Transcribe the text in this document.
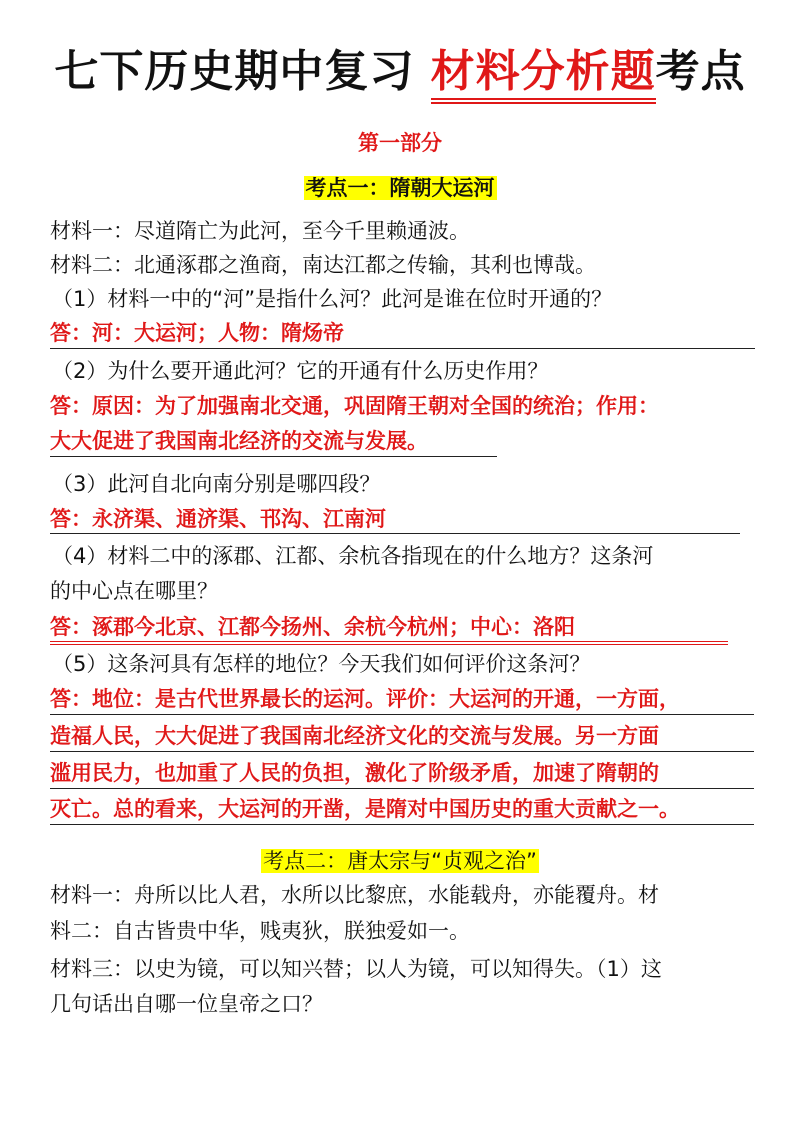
七下历史期中复习 材料分析题考点
第一部分
考点一：隋朝大运河
材料一：尽道隋亡为此河，至今千里赖通波。
材料二：北通涿郡之渔商，南达江都之传输，其利也博哉。
（1）材料一中的“河”是指什么河？此河是谁在位时开通的？
答：河：大运河；人物：隋炀帝
（2）为什么要开通此河？它的开通有什么历史作用？
答：原因：为了加强南北交通，巩固隋王朝对全国的统治；作用：
大大促进了我国南北经济的交流与发展。
（3）此河自北向南分别是哪四段？
答：永济渠、通济渠、邗沟、江南河
（4）材料二中的涿郡、江都、余杭各指现在的什么地方？这条河
的中心点在哪里？
答：涿郡今北京、江都今扬州、余杭今杭州；中心：洛阳
（5）这条河具有怎样的地位？今天我们如何评价这条河？
答：地位：是古代世界最长的运河。评价：大运河的开通，一方面，
造福人民，大大促进了我国南北经济文化的交流与发展。另一方面
滥用民力，也加重了人民的负担，激化了阶级矛盾，加速了隋朝的
灭亡。总的看来，大运河的开凿，是隋对中国历史的重大贡献之一。
考点二：唐太宗与“贞观之治”
材料一：舟所以比人君，水所以比黎庶，水能载舟，亦能覆舟。材
料二：自古皆贵中华，贱夷狄，朕独爱如一。
材料三：以史为镜，可以知兴替；以人为镜，可以知得失。（1）这
几句话出自哪一位皇帝之口？
